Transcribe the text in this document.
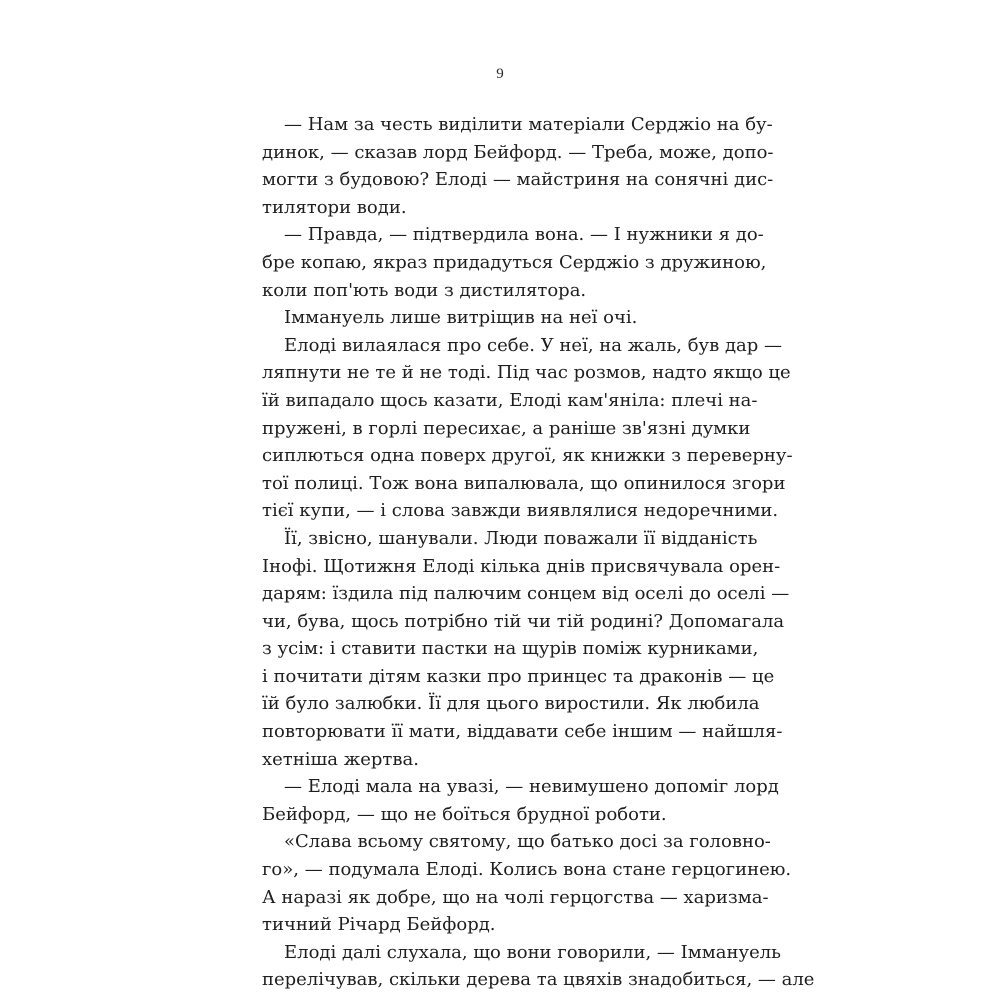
9
— Нам за честь виділити матеріали Серджіо на бу-
динок, — сказав лорд Бейфорд. — Треба, може, допо-
могти з будовою? Елоді — майстриня на сонячні дис-
тилятори води.
— Правда, — підтвердила вона. — І нужники я до-
бре копаю, якраз придадуться Серджіо з дружиною,
коли поп'ють води з дистилятора.
Іммануель лише витріщив на неї очі.
Елоді вилаялася про себе. У неї, на жаль, був дар —
ляпнути не те й не тоді. Під час розмов, надто якщо це
їй випадало щось казати, Елоді кам'яніла: плечі на-
пружені, в горлі пересихає, а раніше зв'язні думки
сиплються одна поверх другої, як книжки з переверну-
тої полиці. Тож вона випалювала, що опинилося згори
тієї купи, — і слова завжди виявлялися недоречними.
Її, звісно, шанували. Люди поважали її відданість
Інофі. Щотижня Елоді кілька днів присвячувала орен-
дарям: їздила під палючим сонцем від оселі до оселі —
чи, бува, щось потрібно тій чи тій родині? Допомагала
з усім: і ставити пастки на щурів поміж курниками,
і почитати дітям казки про принцес та драконів — це
їй було залюбки. Її для цього виростили. Як любила
повторювати її мати, віддавати себе іншим — найшля-
хетніша жертва.
— Елоді мала на увазі, — невимушено допоміг лорд
Бейфорд, — що не боїться брудної роботи.
«Слава всьому святому, що батько досі за головно-
го», — подумала Елоді. Колись вона стане герцогинею.
А наразі як добре, що на чолі герцогства — харизма-
тичний Річард Бейфорд.
Елоді далі слухала, що вони говорили, — Іммануель
перелічував, скільки дерева та цвяхів знадобиться, — але
